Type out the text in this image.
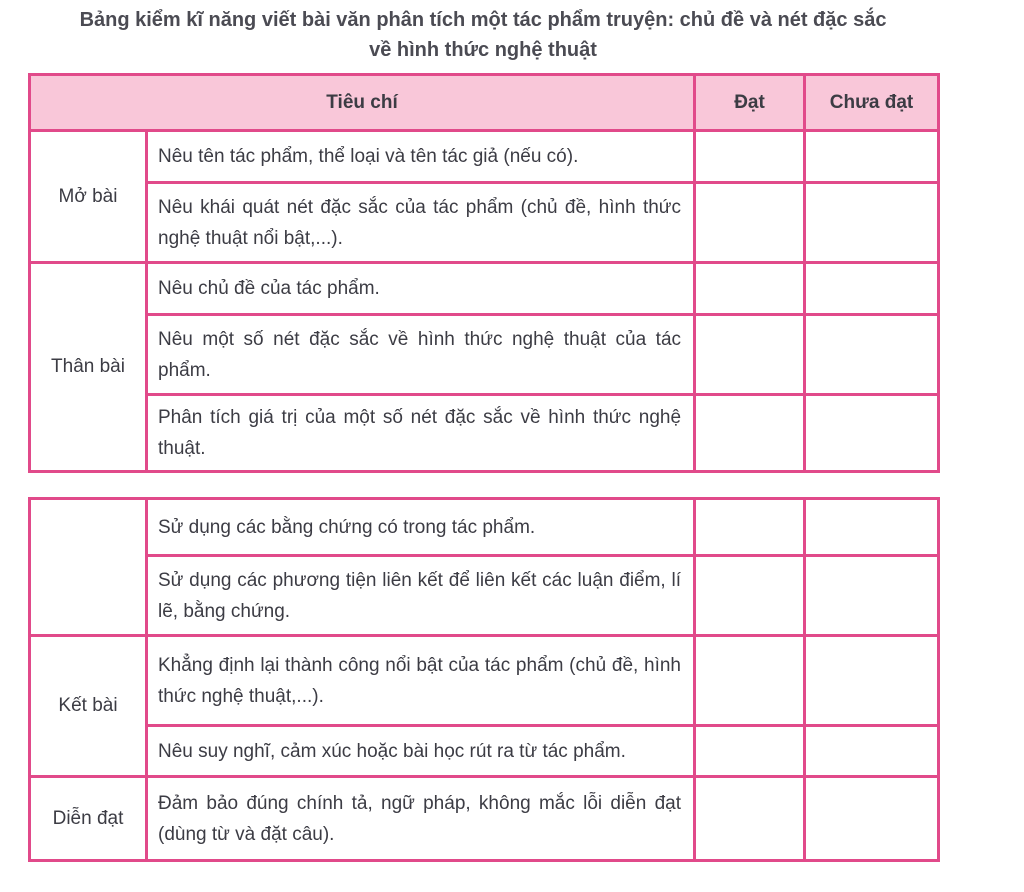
Bảng kiểm kĩ năng viết bài văn phân tích một tác phẩm truyện: chủ đề và nét đặc sắc
về hình thức nghệ thuật
Tiêu chí		Đạt	Chưa đạt
Mở bài	Nêu tên tác phẩm, thể loại và tên tác giả (nếu có).		
	Nêu khái quát nét đặc sắc của tác phẩm (chủ đề, hình thức nghệ thuật nổi bật,...).		
Thân bài	Nêu chủ đề của tác phẩm.		
	Nêu một số nét đặc sắc về hình thức nghệ thuật của tác phẩm.		
	Phân tích giá trị của một số nét đặc sắc về hình thức nghệ thuật.		
	Sử dụng các bằng chứng có trong tác phẩm.		
	Sử dụng các phương tiện liên kết để liên kết các luận điểm, lí lẽ, bằng chứng.		
Kết bài	Khẳng định lại thành công nổi bật của tác phẩm (chủ đề, hình thức nghệ thuật,...).		
	Nêu suy nghĩ, cảm xúc hoặc bài học rút ra từ tác phẩm.		
Diễn đạt	Đảm bảo đúng chính tả, ngữ pháp, không mắc lỗi diễn đạt (dùng từ và đặt câu).		
